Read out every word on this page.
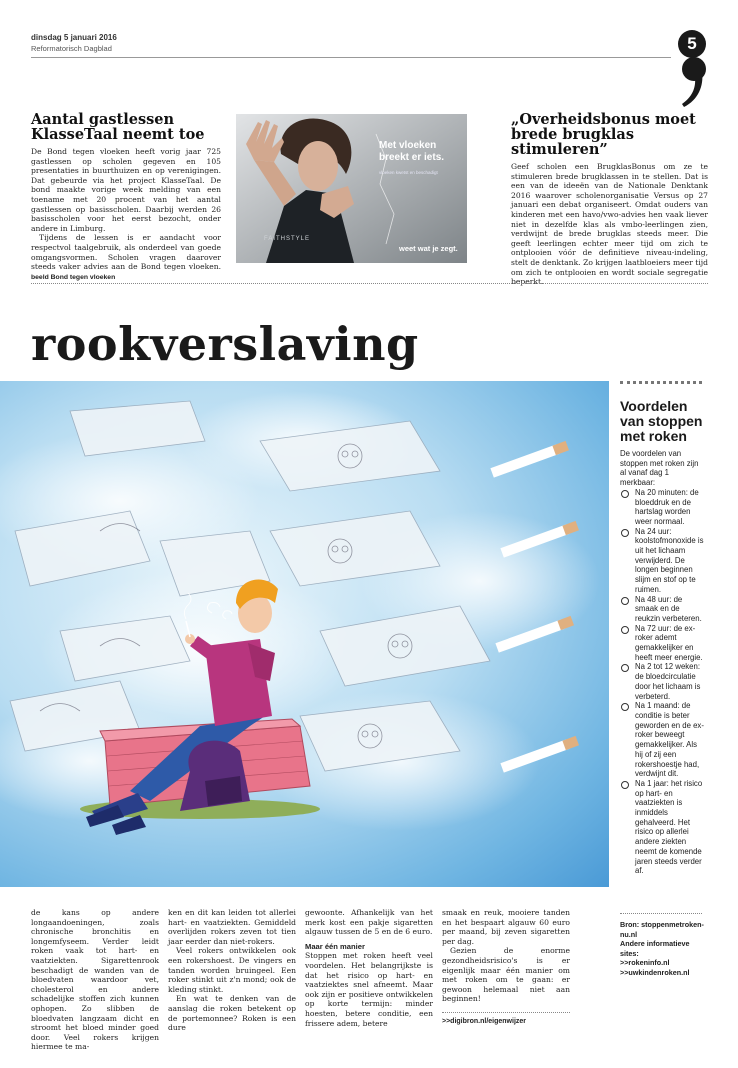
dinsdag 5 januari 2016
Reformatorisch Dagblad	5
Aantal gastlessen KlasseTaal neemt toe

De Bond tegen vloeken heeft vorig jaar 725 gastlessen op scholen gegeven en 105 presentaties in buurthuizen en op verenigingen. Dat gebeurde via het project KlasseTaal. De bond maakte vorige week melding van een toename met 20 procent van het aantal gastlessen op basisscholen. Daarbij werden 26 basisscholen voor het eerst bezocht, onder andere in Limburg.

Tijdens de lessen is er aandacht voor respectvol taalgebruik, als onderdeel van goede omgangsvormen. Scholen vragen daarover steeds vaker advies aan de Bond tegen vloeken. beeld Bond tegen vloeken

FAITHSTYLE
Met vloeken
breekt er iets.
vloeken kwetst en beschadigt
weet wat je zegt.
„Overheidsbonus moet brede brugklas stimuleren”
Geef scholen een BrugklasBonus om ze te stimuleren brede brugklassen in te stellen. Dat is een van de ideeën van de Nationale Denktank 2016 waarover scholenorganisatie Versus op 27 januari een debat organiseert. Omdat ouders van kinderen met een havo/vwo-advies hen vaak liever niet in dezelfde klas als vmbo-leerlingen zien, verdwijnt de brede brugklas steeds meer. Die geeft leerlingen echter meer tijd om zich te ontplooien vóór de definitieve niveau-indeling, stelt de denktank. Zo krijgen laatbloeiers meer tijd om zich te ontplooien en wordt sociale segregatie beperkt.
rookverslaving
Voordelen van stoppen met roken
De voordelen van stoppen met roken zijn al vanaf dag 1 merkbaar:
Na 20 minuten: de bloeddruk en de hartslag worden weer normaal.
Na 24 uur: koolstofmonoxide is uit het lichaam verwijderd. De longen beginnen slijm en stof op te ruimen.
Na 48 uur: de smaak en de reukzin verbeteren.
Na 72 uur: de ex-roker ademt gemakkelijker en heeft meer energie.
Na 2 tot 12 weken: de bloedcirculatie door het lichaam is verbeterd.
Na 1 maand: de conditie is beter geworden en de ex-roker beweegt gemakkelijker. Als hij of zij een rokershoestje had, verdwijnt dit.
Na 1 jaar: het risico op hart- en vaatziekten is inmiddels gehalveerd. Het risico op allerlei andere ziekten neemt de komende jaren steeds verder af.
Bron: stoppenmetroken-nu.nl
Andere informatieve sites:
>>rokeninfo.nl
>>uwkindenroken.nl
de kans op andere longaandoeningen, zoals chronische bronchitis en longemfyseem. Verder leidt roken vaak tot hart- en vaatziekten. Sigarettenrook beschadigt de wanden van de bloedvaten waardoor vet, cholesterol en andere schadelijke stoffen zich kunnen ophopen. Zo slibben de bloedvaten langzaam dicht en stroomt het bloed minder goed door. Veel rokers krijgen hiermee te ma-

ken en dit kan leiden tot allerlei hart- en vaatziekten. Gemiddeld overlijden rokers zeven tot tien jaar eerder dan niet-rokers.

Veel rokers ontwikkelen ook een rokershoest. De vingers en tanden worden bruingeel. Een roker stinkt uit z'n mond; ook de kleding stinkt.

En wat te denken van de aanslag die roken betekent op de portemonnee? Roken is een dure

gewoonte. Afhankelijk van het merk kost een pakje sigaretten algauw tussen de 5 en de 6 euro.

Maar één manier

Stoppen met roken heeft veel voordelen. Het belangrijkste is dat het risico op hart- en vaatziektes snel afneemt. Maar ook zijn er positieve ontwikkelen op korte termijn: minder hoesten, betere conditie, een frissere adem, betere

smaak en reuk, mooiere tanden en het bespaart algauw 60 euro per maand, bij zeven sigaretten per dag.

Gezien de enorme gezondheidsrisico's is er eigenlijk maar één manier om met roken om te gaan: er gewoon helemaal niet aan beginnen!

>>digibron.nl/eigenwijzer
